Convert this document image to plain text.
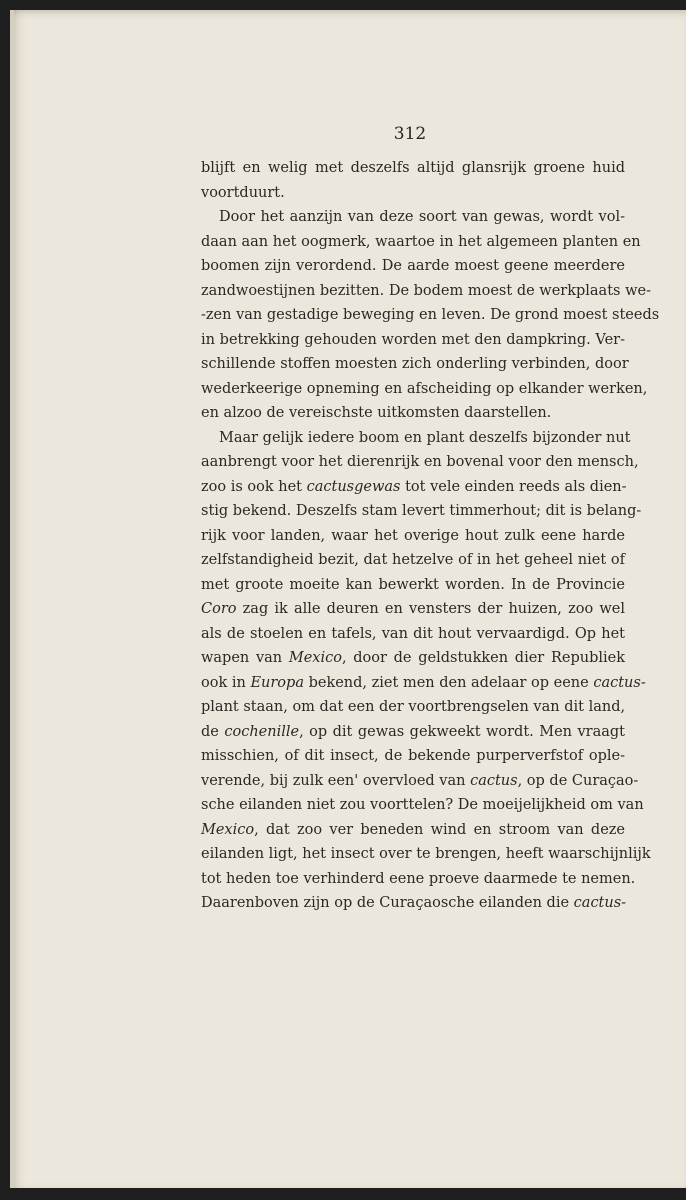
312

blijft en welig met deszelfs altijd glansrijk groene huid
voortduurt.
Door het aanzijn van deze soort van gewas, wordt vol-
daan aan het oogmerk, waartoe in het algemeen planten en
boomen zijn verordend. De aarde moest geene meerdere
zandwoestijnen bezitten. De bodem moest de werkplaats we-
-zen van gestadige beweging en leven. De grond moest steeds
in betrekking gehouden worden met den dampkring. Ver-
schillende stoffen moesten zich onderling verbinden, door
wederkeerige opneming en afscheiding op elkander werken,
en alzoo de vereischste uitkomsten daarstellen.
Maar gelijk iedere boom en plant deszelfs bijzonder nut
aanbrengt voor het dierenrijk en bovenal voor den mensch,
zoo is ook het cactusgewas tot vele einden reeds als dien-
stig bekend. Deszelfs stam levert timmerhout; dit is belang-
rijk voor landen, waar het overige hout zulk eene harde
zelfstandigheid bezit, dat hetzelve of in het geheel niet of
met groote moeite kan bewerkt worden. In de Provincie
Coro zag ik alle deuren en vensters der huizen, zoo wel
als de stoelen en tafels, van dit hout vervaardigd. Op het
wapen van Mexico, door de geldstukken dier Republiek
ook in Europa bekend, ziet men den adelaar op eene cactus-
plant staan, om dat een der voortbrengselen van dit land,
de cochenille, op dit gewas gekweekt wordt. Men vraagt
misschien, of dit insect, de bekende purperverfstof ople-
verende, bij zulk een' overvloed van cactus, op de Curaçao-
sche eilanden niet zou voorttelen? De moeijelijkheid om van
Mexico, dat zoo ver beneden wind en stroom van deze
eilanden ligt, het insect over te brengen, heeft waarschijnlijk
tot heden toe verhinderd eene proeve daarmede te nemen.
Daarenboven zijn op de Curaçaosche eilanden die cactus-
